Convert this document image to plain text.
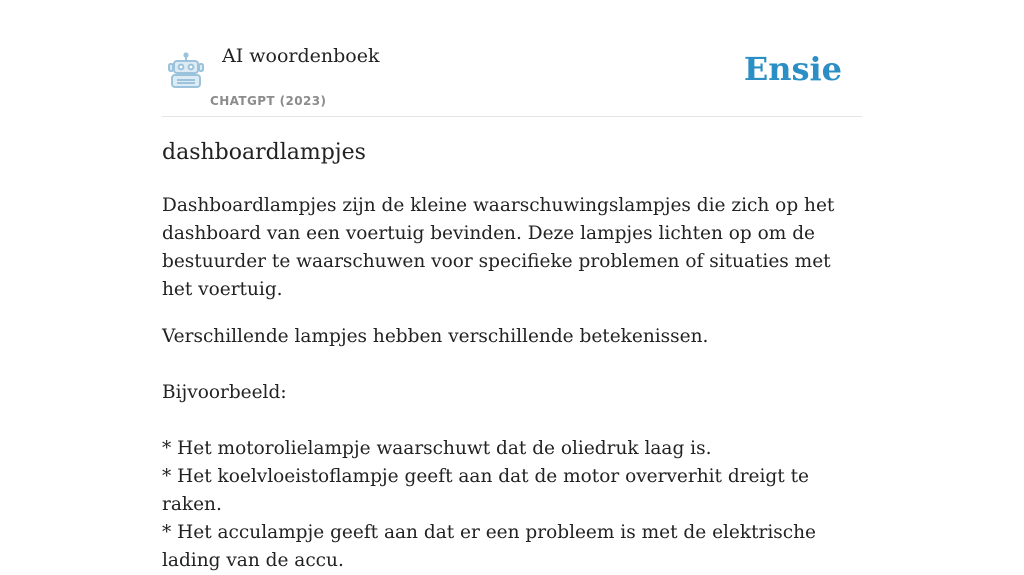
AI woordenboek
CHATGPT (2023)
Ensie
dashboardlampjes

Dashboardlampjes zijn de kleine waarschuwingslampjes die zich op het dashboard van een voertuig bevinden. Deze lampjes lichten op om de bestuurder te waarschuwen voor specifieke problemen of situaties met het voertuig.

Verschillende lampjes hebben verschillende betekenissen.

Bijvoorbeeld:

* Het motorolielampje waarschuwt dat de oliedruk laag is.
* Het koelvloeistoflampje geeft aan dat de motor oververhit dreigt te raken.
* Het acculampje geeft aan dat er een probleem is met de elektrische lading van de accu.
